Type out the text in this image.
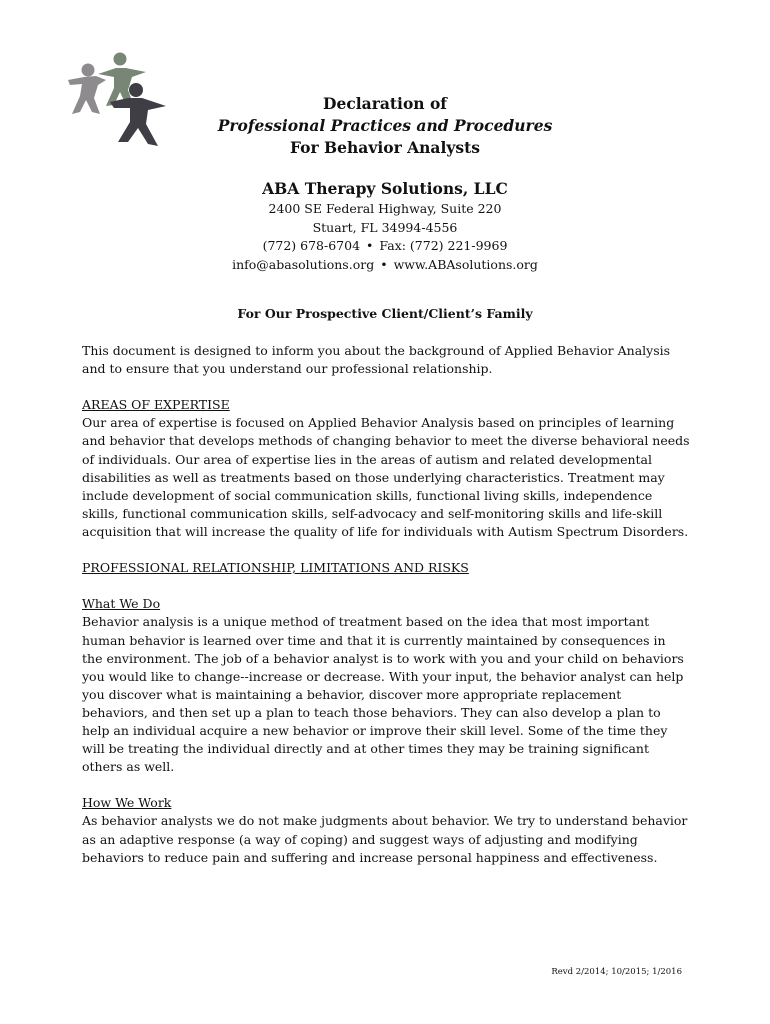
Declaration of
Professional Practices and Procedures
For Behavior Analysts
ABA Therapy Solutions, LLC
2400 SE Federal Highway, Suite 220
Stuart, FL 34994-4556
(772) 678-6704 • Fax: (772) 221-9969
info@abasolutions.org • www.ABAsolutions.org
For Our Prospective Client/Client’s Family

This document is designed to inform you about the background of Applied Behavior Analysis and to ensure that you understand our professional relationship.

AREAS OF EXPERTISE
Our area of expertise is focused on Applied Behavior Analysis based on principles of learning and behavior that develops methods of changing behavior to meet the diverse behavioral needs of individuals. Our area of expertise lies in the areas of autism and related developmental disabilities as well as treatments based on those underlying characteristics. Treatment may include development of social communication skills, functional living skills, independence skills, functional communication skills, self-advocacy and self-monitoring skills and life-skill acquisition that will increase the quality of life for individuals with Autism Spectrum Disorders.

PROFESSIONAL RELATIONSHIP, LIMITATIONS AND RISKS

What We Do
Behavior analysis is a unique method of treatment based on the idea that most important human behavior is learned over time and that it is currently maintained by consequences in the environment. The job of a behavior analyst is to work with you and your child on behaviors you would like to change--increase or decrease. With your input, the behavior analyst can help you discover what is maintaining a behavior, discover more appropriate replacement behaviors, and then set up a plan to teach those behaviors. They can also develop a plan to help an individual acquire a new behavior or improve their skill level. Some of the time they will be treating the individual directly and at other times they may be training significant others as well.

How We Work
As behavior analysts we do not make judgments about behavior. We try to understand behavior as an adaptive response (a way of coping) and suggest ways of adjusting and modifying behaviors to reduce pain and suffering and increase personal happiness and effectiveness.

Revd 2/2014; 10/2015; 1/2016
